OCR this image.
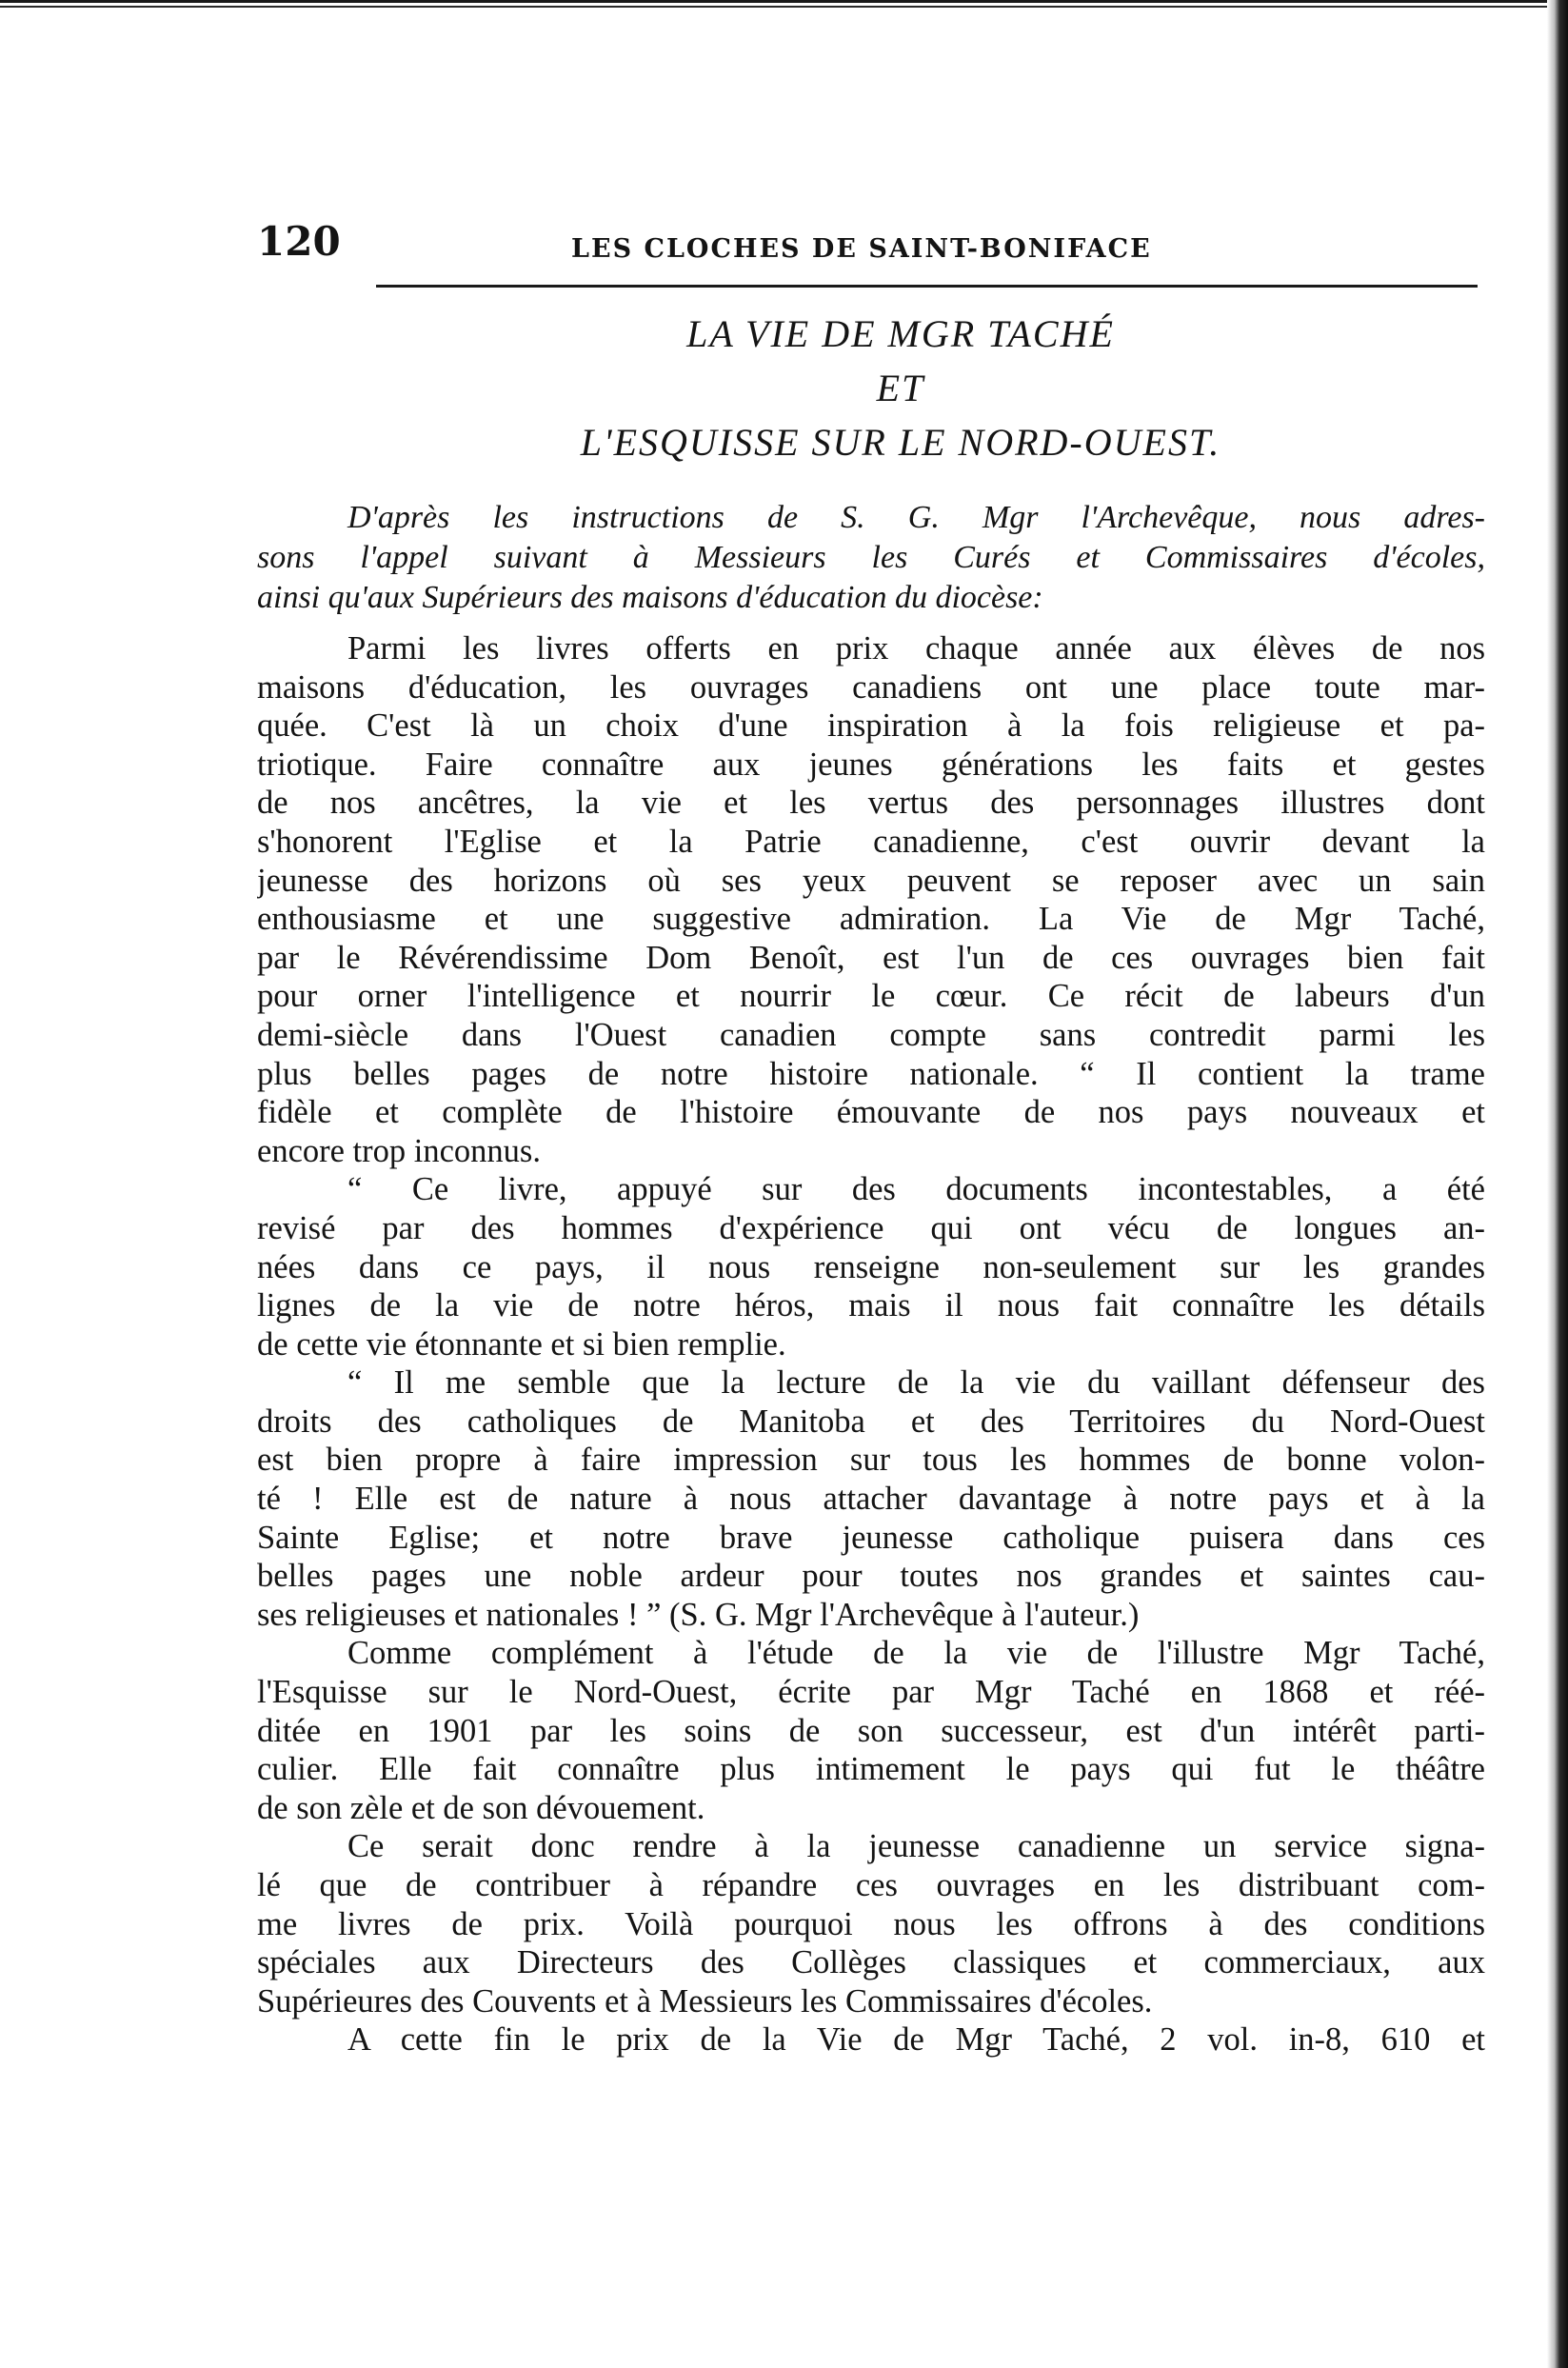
120	LES CLOCHES DE SAINT-BONIFACE
LA VIE DE MGR TACHÉ
ET
L'ESQUISSE SUR LE NORD-OUEST.
D'après les instructions de S. G. Mgr l'Archevêque, nous adres-
sons l'appel suivant à Messieurs les Curés et Commissaires d'écoles,
ainsi qu'aux Supérieurs des maisons d'éducation du diocèse:
Parmi les livres offerts en prix chaque année aux élèves de nos
maisons d'éducation, les ouvrages canadiens ont une place toute mar-
quée. C'est là un choix d'une inspiration à la fois religieuse et pa-
triotique. Faire connaître aux jeunes générations les faits et gestes
de nos ancêtres, la vie et les vertus des personnages illustres dont
s'honorent l'Eglise et la Patrie canadienne, c'est ouvrir devant la
jeunesse des horizons où ses yeux peuvent se reposer avec un sain
enthousiasme et une suggestive admiration. La Vie de Mgr Taché,
par le Révérendissime Dom Benoît, est l'un de ces ouvrages bien fait
pour orner l'intelligence et nourrir le cœur. Ce récit de labeurs d'un
demi-siècle dans l'Ouest canadien compte sans contredit parmi les
plus belles pages de notre histoire nationale. “ Il contient la trame
fidèle et complète de l'histoire émouvante de nos pays nouveaux et
encore trop inconnus.
“ Ce livre, appuyé sur des documents incontestables, a été
revisé par des hommes d'expérience qui ont vécu de longues an-
nées dans ce pays, il nous renseigne non-seulement sur les grandes
lignes de la vie de notre héros, mais il nous fait connaître les détails
de cette vie étonnante et si bien remplie.
“ Il me semble que la lecture de la vie du vaillant défenseur des
droits des catholiques de Manitoba et des Territoires du Nord-Ouest
est bien propre à faire impression sur tous les hommes de bonne volon-
té ! Elle est de nature à nous attacher davantage à notre pays et à la
Sainte Eglise; et notre brave jeunesse catholique puisera dans ces
belles pages une noble ardeur pour toutes nos grandes et saintes cau-
ses religieuses et nationales ! ” (S. G. Mgr l'Archevêque à l'auteur.)
Comme complément à l'étude de la vie de l'illustre Mgr Taché,
l'Esquisse sur le Nord-Ouest, écrite par Mgr Taché en 1868 et réé-
ditée en 1901 par les soins de son successeur, est d'un intérêt parti-
culier. Elle fait connaître plus intimement le pays qui fut le théâtre
de son zèle et de son dévouement.
Ce serait donc rendre à la jeunesse canadienne un service signa-
lé que de contribuer à répandre ces ouvrages en les distribuant com-
me livres de prix. Voilà pourquoi nous les offrons à des conditions
spéciales aux Directeurs des Collèges classiques et commerciaux, aux
Supérieures des Couvents et à Messieurs les Commissaires d'écoles.
A cette fin le prix de la Vie de Mgr Taché, 2 vol. in-8, 610 et
